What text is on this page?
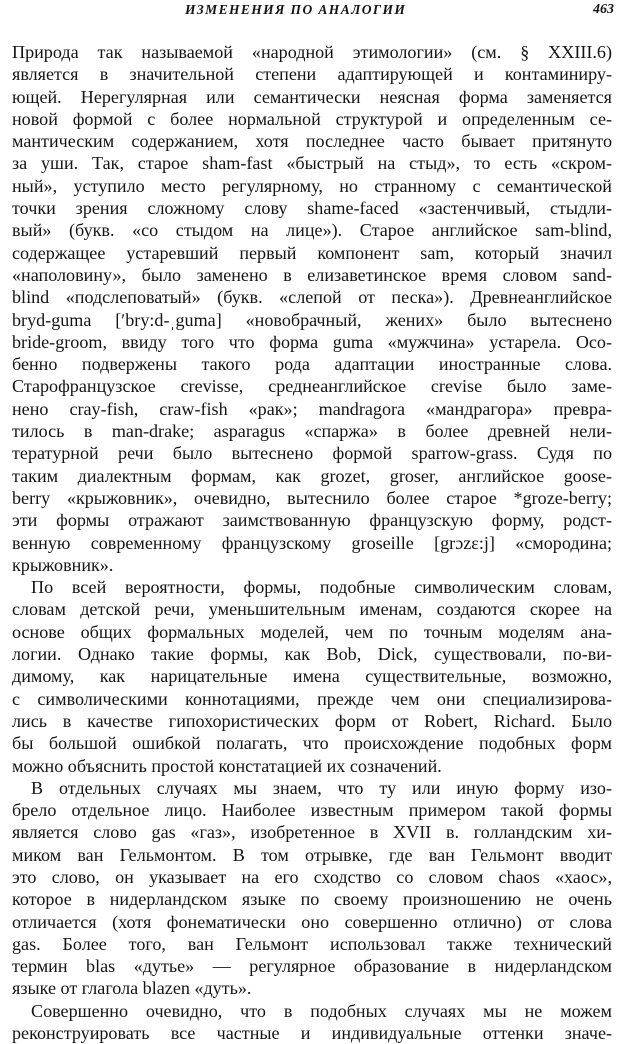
ИЗМЕНЕНИЯ ПО АНАЛОГИИ	463
Природа так называемой «народной этимологии» (см. § XXIII.6)
является в значительной степени адаптирующей и контаминиру-
ющей. Нерегулярная или семантически неясная форма заменяется
новой формой с более нормальной структурой и определенным се-
мантическим содержанием, хотя последнее часто бывает притянуто
за уши. Так, старое sham-fast «быстрый на стыд», то есть «скром-
ный», уступило место регулярному, но странному с семантической
точки зрения сложному слову shame-faced «застенчивый, стыдли-
вый» (букв. «со стыдом на лице»). Старое английское sam-blind,
содержащее устаревший первый компонент sam, который значил
«наполовину», было заменено в елизаветинское время словом sand-
blind «подслеповатый» (букв. «слепой от песка»). Древнеанглийское
bryd-guma [ʹbry:d-ˌguma] «новобрачный, жених» было вытеснено
bride-groom, ввиду того что форма guma «мужчина» устарела. Осо-
бенно подвержены такого рода адаптации иностранные слова.
Старофранцузское crevisse, среднеанглийское crevise было заме-
нено cray-fish, craw-fish «рак»; mandragora «мандрагора» превра-
тилось в man-drake; asparagus «спаржа» в более древней нели-
тературной речи было вытеснено формой sparrow-grass. Судя по
таким диалектным формам, как grozet, groser, английское goose-
berry «крыжовник», очевидно, вытеснило более старое *groze-berry;
эти формы отражают заимствованную французскую форму, родст-
венную современному французскому groseille [grɔzɛ:j] «смородина;
крыжовник».
По всей вероятности, формы, подобные символическим словам,
словам детской речи, уменьшительным именам, создаются скорее на
основе общих формальных моделей, чем по точным моделям ана-
логии. Однако такие формы, как Bob, Dick, существовали, по-ви-
димому, как нарицательные имена существительные, возможно,
с символическими коннотациями, прежде чем они специализирова-
лись в качестве гипохористических форм от Robert, Richard. Было
бы большой ошибкой полагать, что происхождение подобных форм
можно объяснить простой констатацией их созначений.
В отдельных случаях мы знаем, что ту или иную форму изо-
брело отдельное лицо. Наиболее известным примером такой формы
является слово gas «газ», изобретенное в XVII в. голландским хи-
миком ван Гельмонтом. В том отрывке, где ван Гельмонт вводит
это слово, он указывает на его сходство со словом chaos «хаос»,
которое в нидерландском языке по своему произношению не очень
отличается (хотя фонематически оно совершенно отлично) от слова
gas. Более того, ван Гельмонт использовал также технический
термин blas «дутье» — регулярное образование в нидерландском
языке от глагола blazen «дуть».
Совершенно очевидно, что в подобных случаях мы не можем
реконструировать все частные и индивидуальные оттенки значе-
